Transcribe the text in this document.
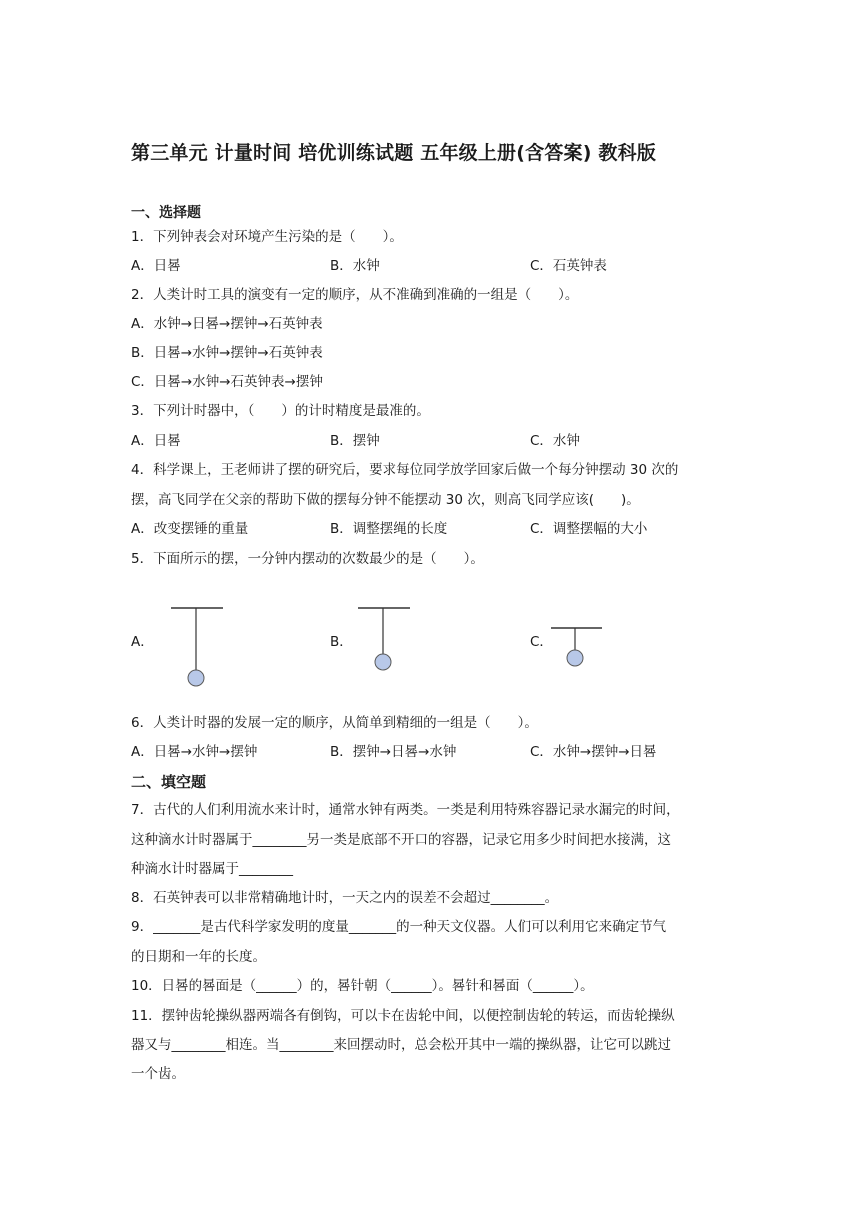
第三单元 计量时间 培优训练试题 五年级上册(含答案) 教科版
一、选择题
1．下列钟表会对环境产生污染的是（　　）。
A．日晷	B．水钟	C．石英钟表
2．人类计时工具的演变有一定的顺序，从不准确到准确的一组是（　　）。
A．水钟→日晷→摆钟→石英钟表
B．日晷→水钟→摆钟→石英钟表
C．日晷→水钟→石英钟表→摆钟
3．下列计时器中，（　　）的计时精度是最准的。
A．日晷	B．摆钟	C．水钟
4．科学课上，王老师讲了摆的研究后，要求每位同学放学回家后做一个每分钟摆动 30 次的
摆，高飞同学在父亲的帮助下做的摆每分钟不能摆动 30 次，则高飞同学应该(　　)。
A．改变摆锤的重量	B．调整摆绳的长度	C．调整摆幅的大小
5．下面所示的摆，一分钟内摆动的次数最少的是（　　）。
A．	B．	C．
6．人类计时器的发展一定的顺序，从简单到精细的一组是（　　）。
A．日晷→水钟→摆钟	B．摆钟→日晷→水钟	C．水钟→摆钟→日晷
二、填空题
7．古代的人们利用流水来计时，通常水钟有两类。一类是利用特殊容器记录水漏完的时间，
这种滴水计时器属于________另一类是底部不开口的容器，记录它用多少时间把水接满，这
种滴水计时器属于________
8．石英钟表可以非常精确地计时，一天之内的误差不会超过________。
9．_______是古代科学家发明的度量_______的一种天文仪器。人们可以利用它来确定节气
的日期和一年的长度。
10．日晷的晷面是（______）的，晷针朝（______）。晷针和晷面（______）。
11．摆钟齿轮操纵器两端各有倒钩，可以卡在齿轮中间，以便控制齿轮的转运，而齿轮操纵
器又与________相连。当________来回摆动时，总会松开其中一端的操纵器，让它可以跳过
一个齿。
